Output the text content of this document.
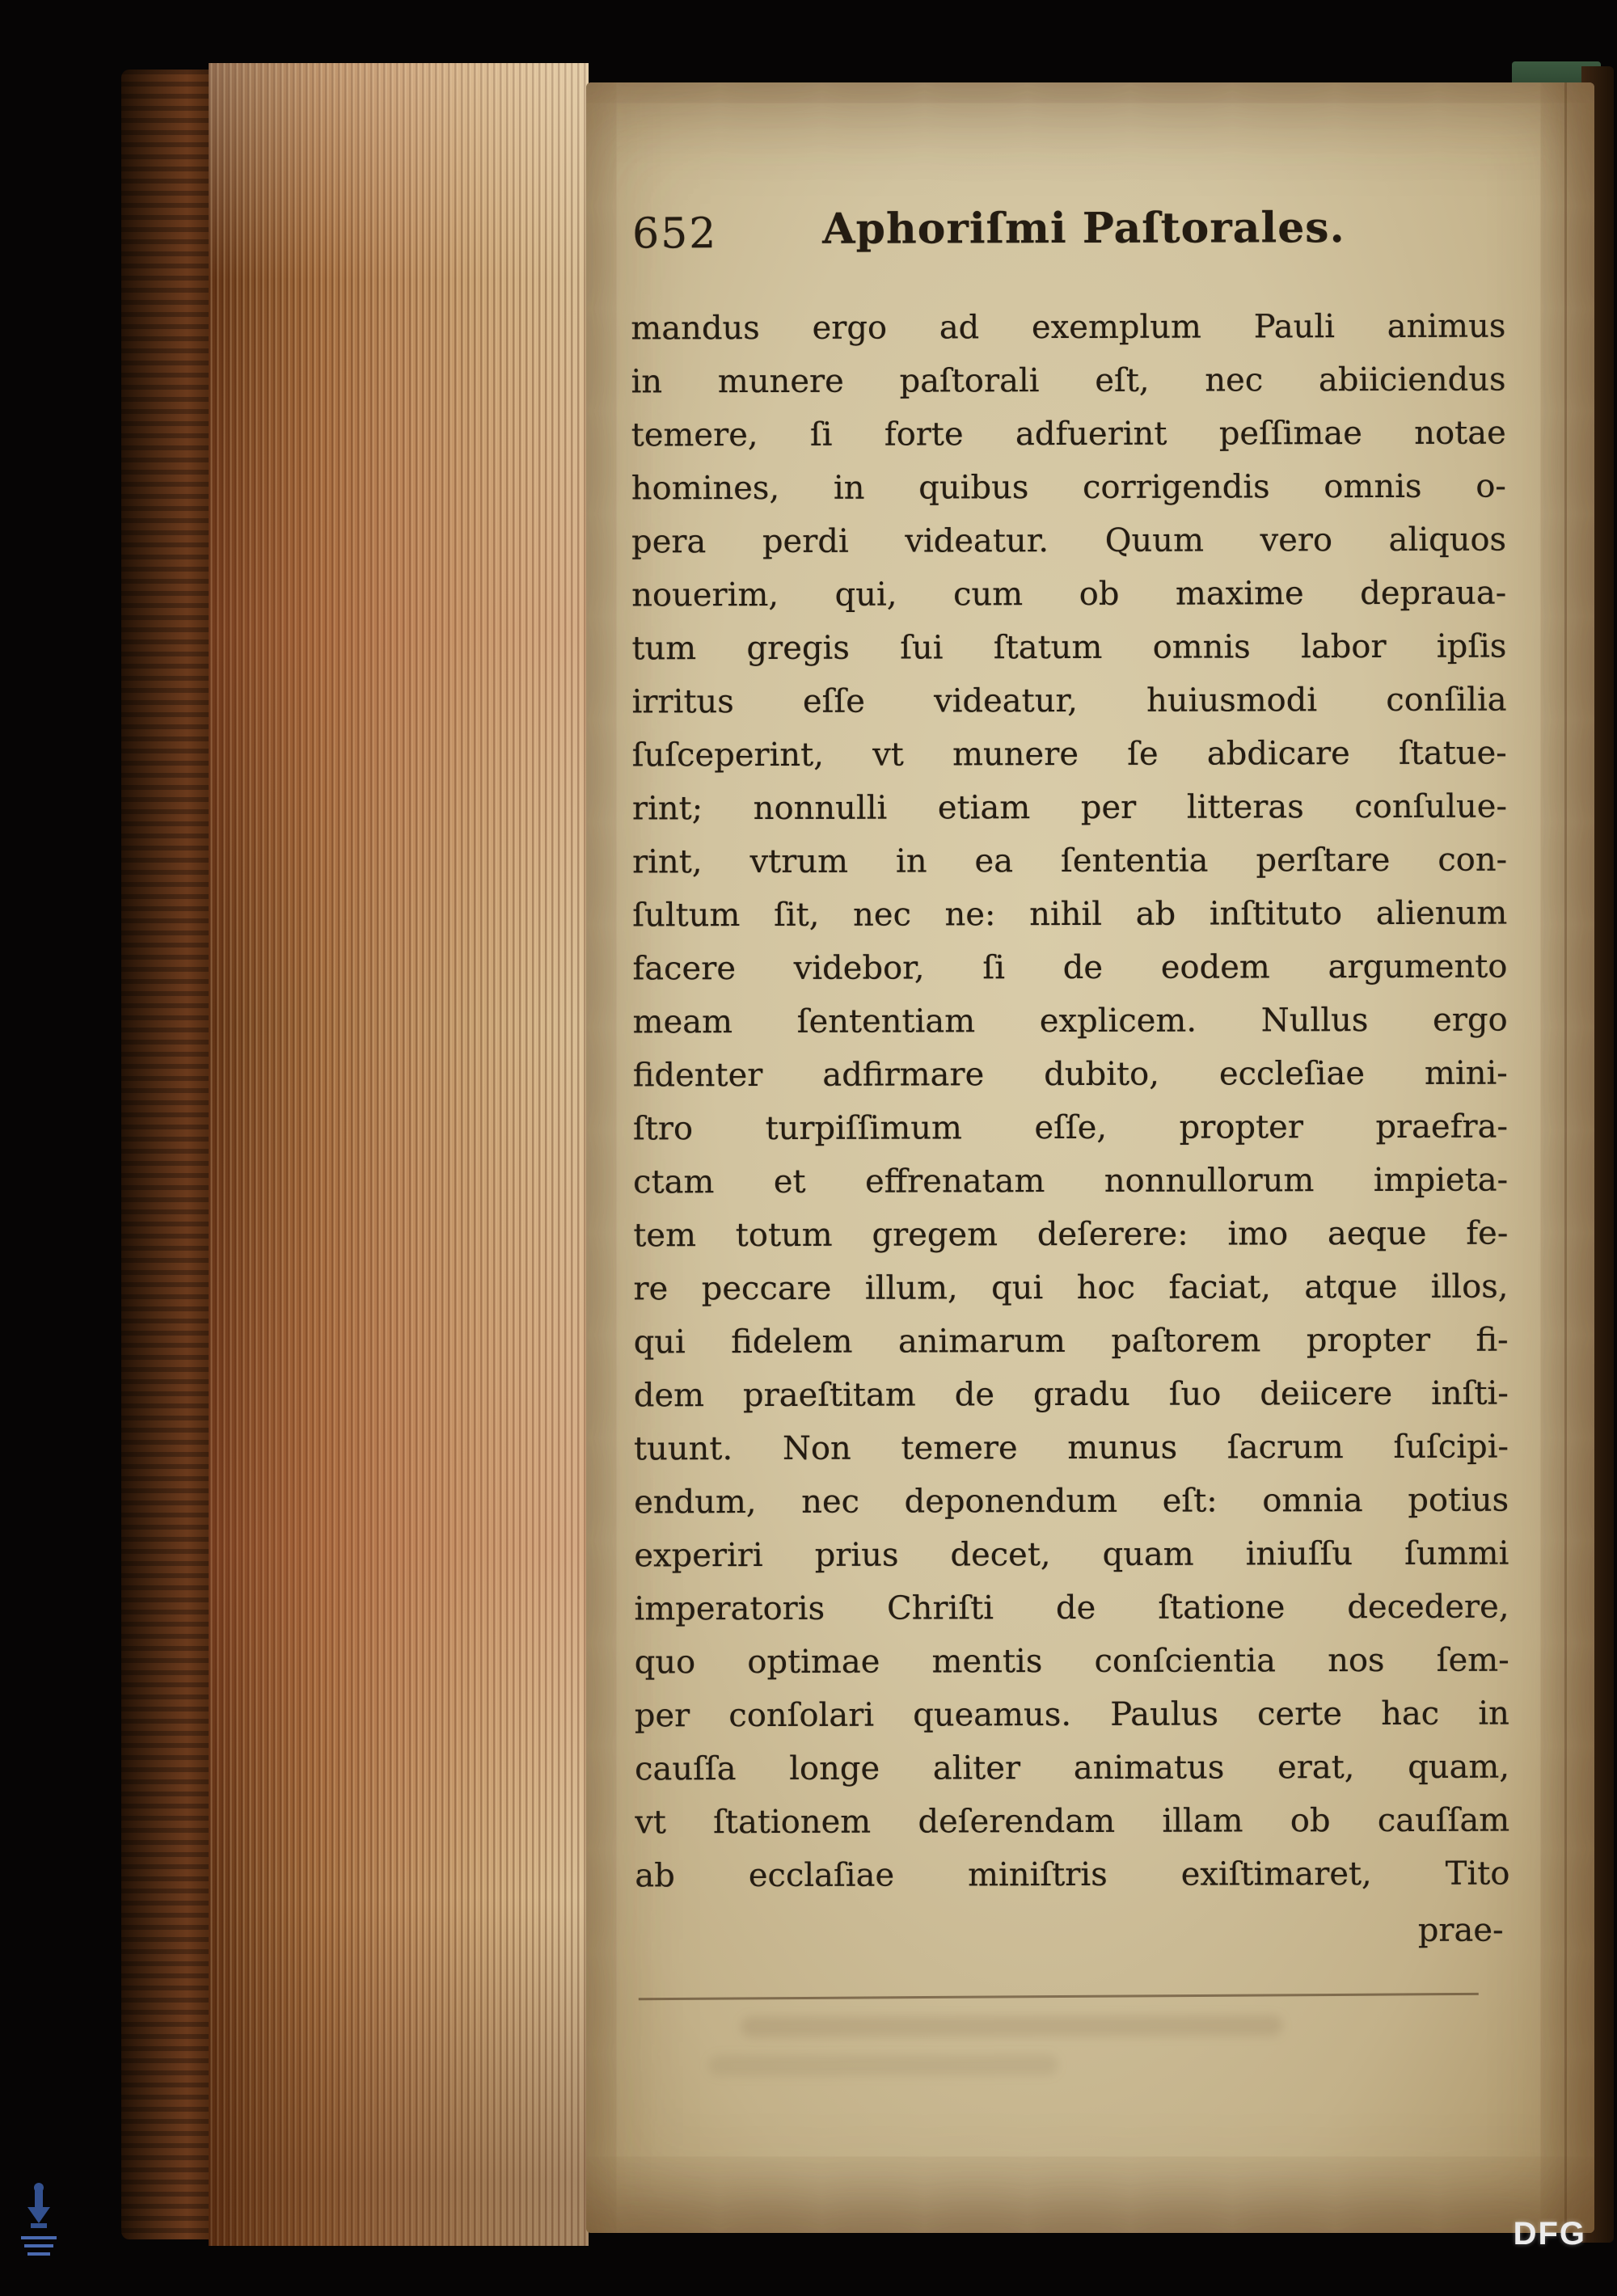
652 Aphoriſmi Paſtorales.
mandus ergo ad exemplum Pauli animus
in munere paſtorali eſt, nec abiiciendus
temere, ſi forte adfuerint peſſimae notae
homines, in quibus corrigendis omnis o-
pera perdi videatur. Quum vero aliquos
nouerim, qui, cum ob maxime depraua-
tum gregis ſui ſtatum omnis labor ipſis
irritus eſſe videatur, huiusmodi conſilia
ſuſceperint, vt munere ſe abdicare ſtatue-
rint; nonnulli etiam per litteras conſulue-
rint, vtrum in ea ſententia perſtare con-
ſultum ſit, nec ne: nihil ab inſtituto alienum
facere videbor, ſi de eodem argumento
meam ſententiam explicem. Nullus ergo
fidenter adfirmare dubito, eccleſiae mini-
ſtro turpiſſimum eſſe, propter praefra-
ctam et effrenatam nonnullorum impieta-
tem totum gregem deſerere: imo aeque fe-
re peccare illum, qui hoc faciat, atque illos,
qui fidelem animarum paſtorem propter fi-
dem praeſtitam de gradu ſuo deiicere inſti-
tuunt. Non temere munus ſacrum ſuſcipi-
endum, nec deponendum eſt: omnia potius
experiri prius decet, quam iniuſſu ſummi
imperatoris Chriſti de ſtatione decedere,
quo optimae mentis conſcientia nos ſem-
per conſolari queamus. Paulus certe hac in
cauſſa longe aliter animatus erat, quam,
vt ſtationem deſerendam illam ob cauſſam
ab ecclaſiae miniſtris exiſtimaret, Tito
prae-
DFG
